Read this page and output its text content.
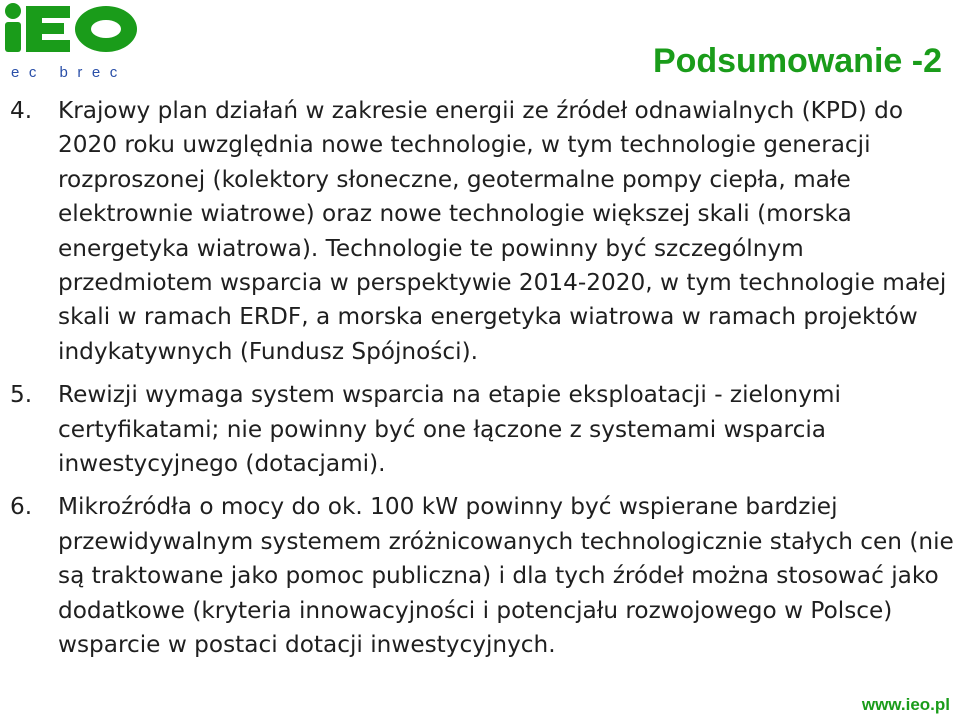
ec brec	Podsumowanie -2
4. Krajowy plan działań w zakresie energii ze źródeł odnawialnych (KPD) do 2020 roku uwzględnia nowe technologie, w tym technologie generacji rozproszonej (kolektory słoneczne, geotermalne pompy ciepła, małe elektrownie wiatrowe) oraz nowe technologie większej skali (morska energetyka wiatrowa). Technologie te powinny być szczególnym przedmiotem wsparcia w perspektywie 2014-2020, w tym technologie małej skali w ramach ERDF, a morska energetyka wiatrowa w ramach projektów indykatywnych (Fundusz Spójności).
5. Rewizji wymaga system wsparcia na etapie eksploatacji - zielonymi certyfikatami; nie powinny być one łączone z systemami wsparcia inwestycyjnego (dotacjami).
6. Mikroźródła o mocy do ok. 100 kW powinny być wspierane bardziej przewidywalnym systemem zróżnicowanych technologicznie stałych cen (nie są traktowane jako pomoc publiczna) i dla tych źródeł można stosować jako dodatkowe (kryteria innowacyjności i potencjału rozwojowego w Polsce) wsparcie w postaci dotacji inwestycyjnych.
www.ieo.pl
